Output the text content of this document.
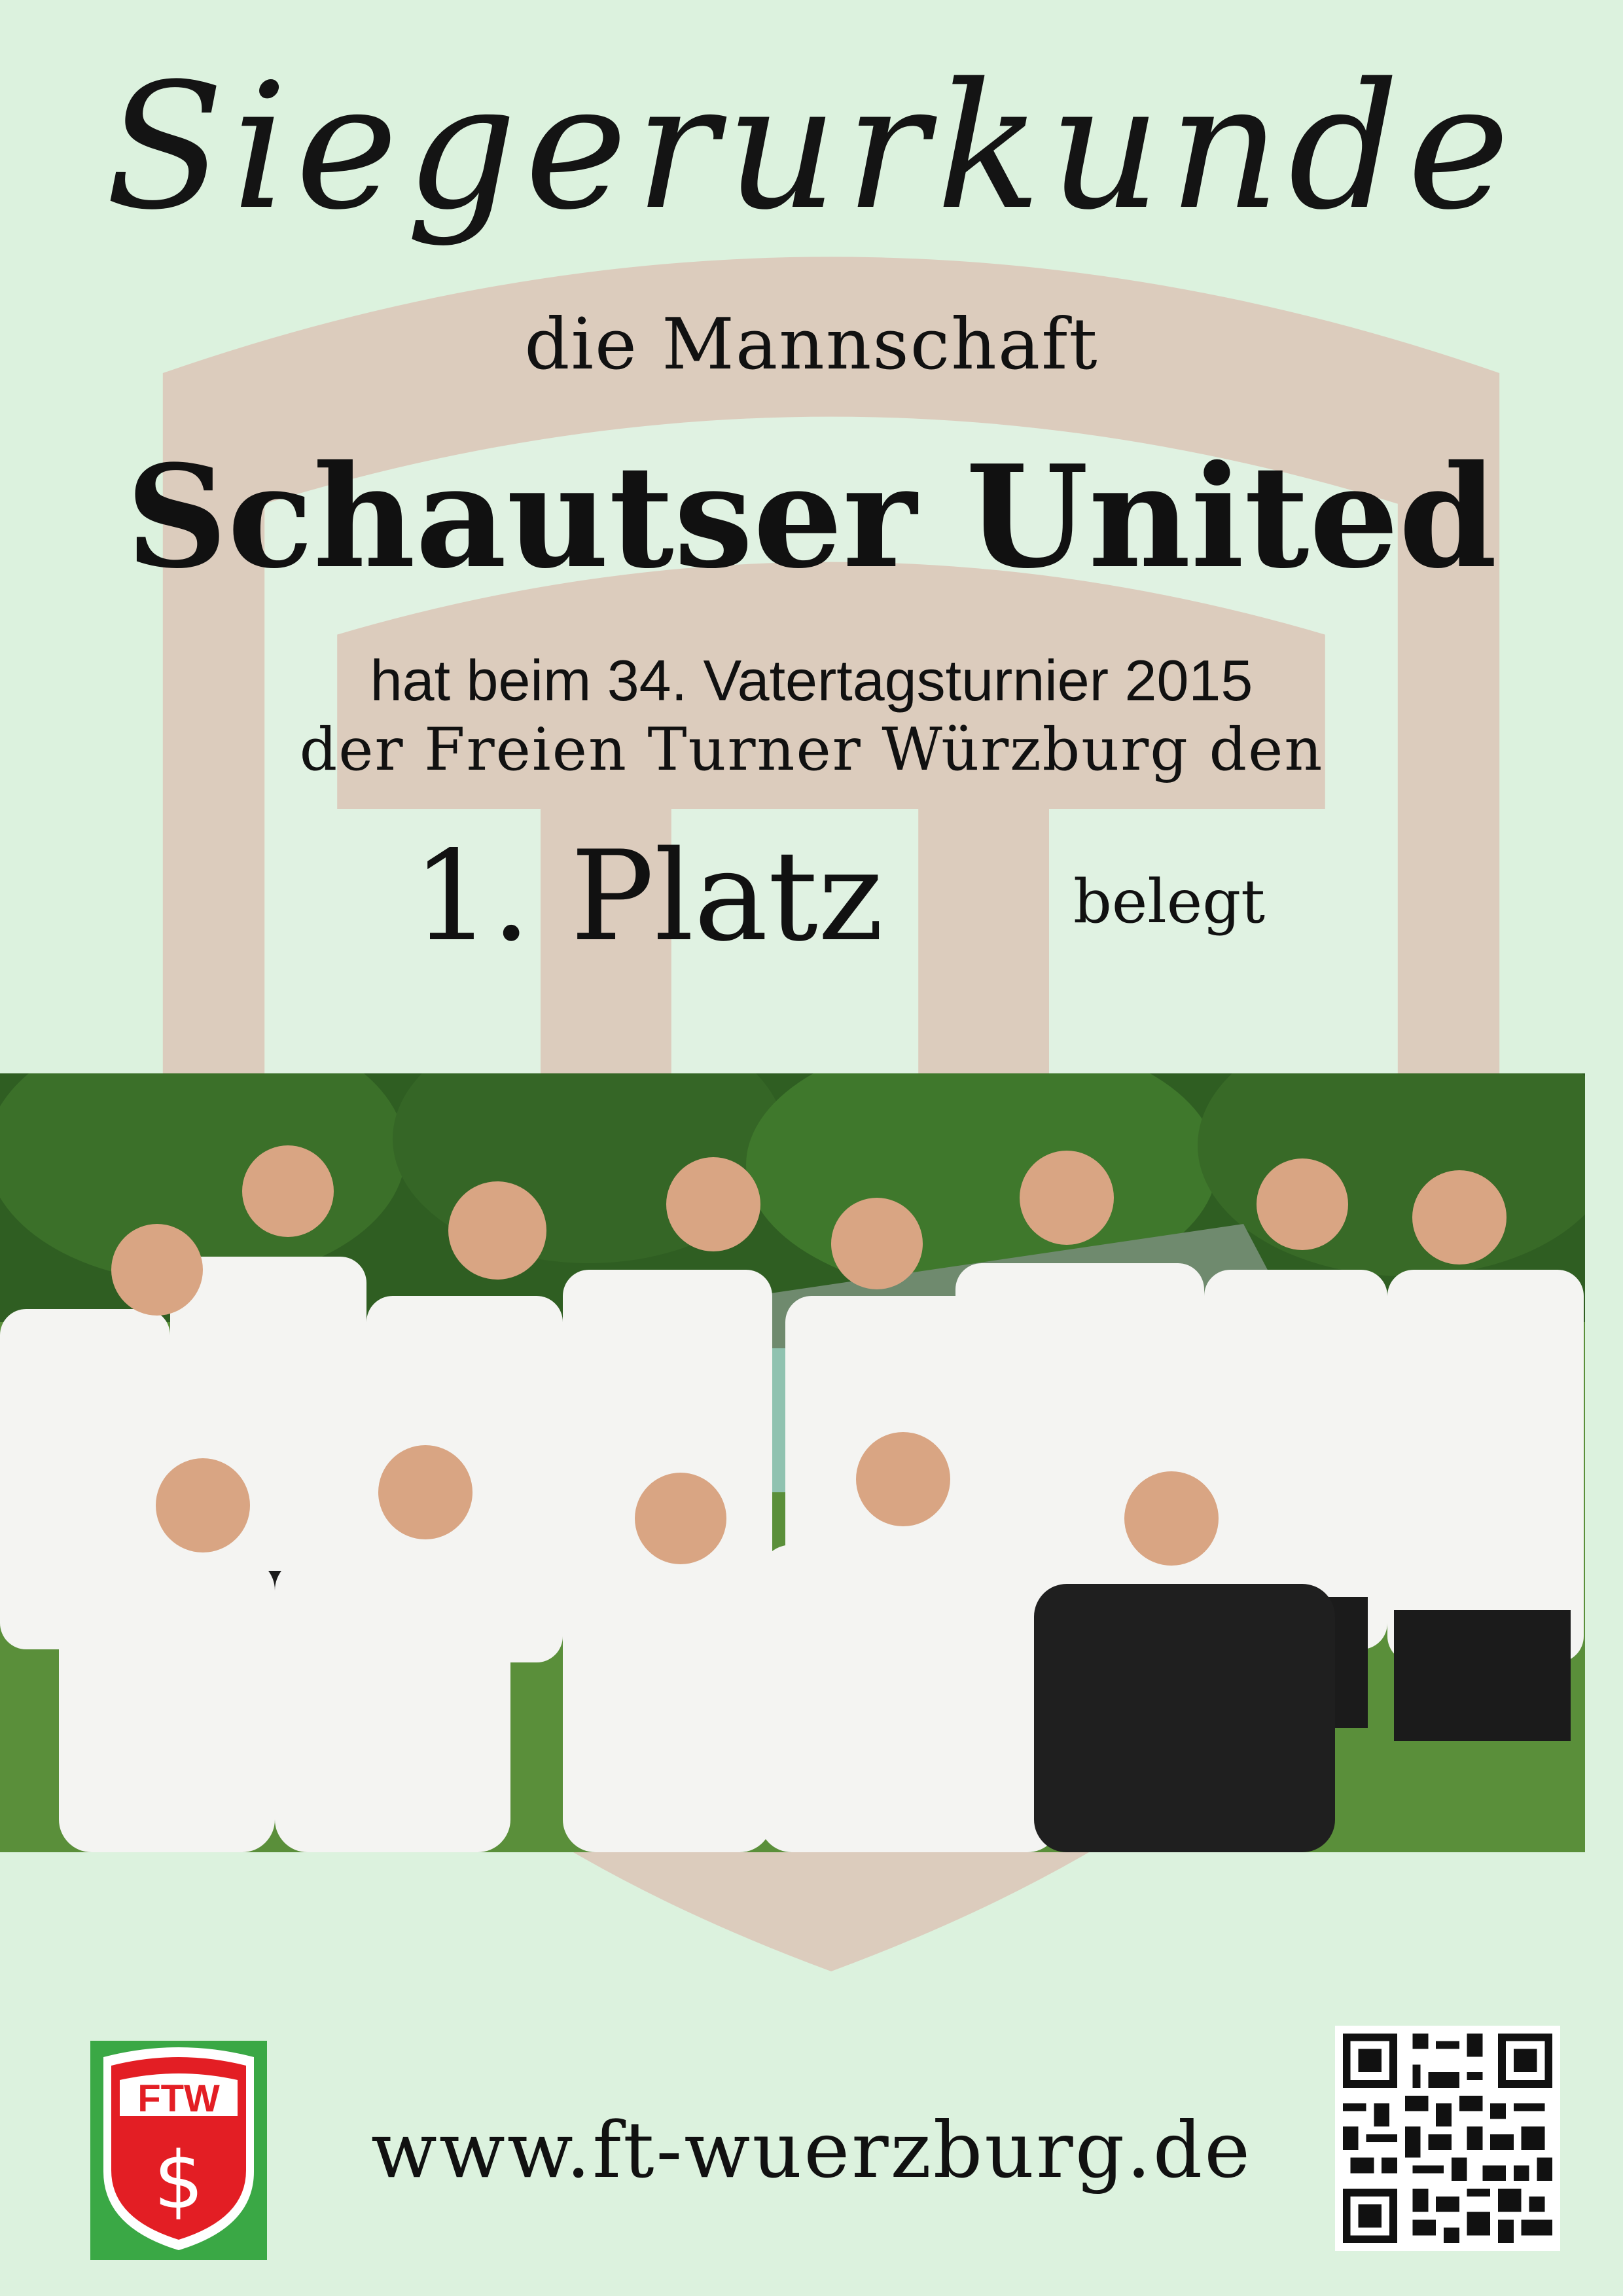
Siegerurkunde
die Mannschaft
Schautser United
hat beim 34. Vatertagsturnier 2015
der Freien Turner Würzburg den
1. Platz	belegt
FTW
$	www.ft-wuerzburg.de
